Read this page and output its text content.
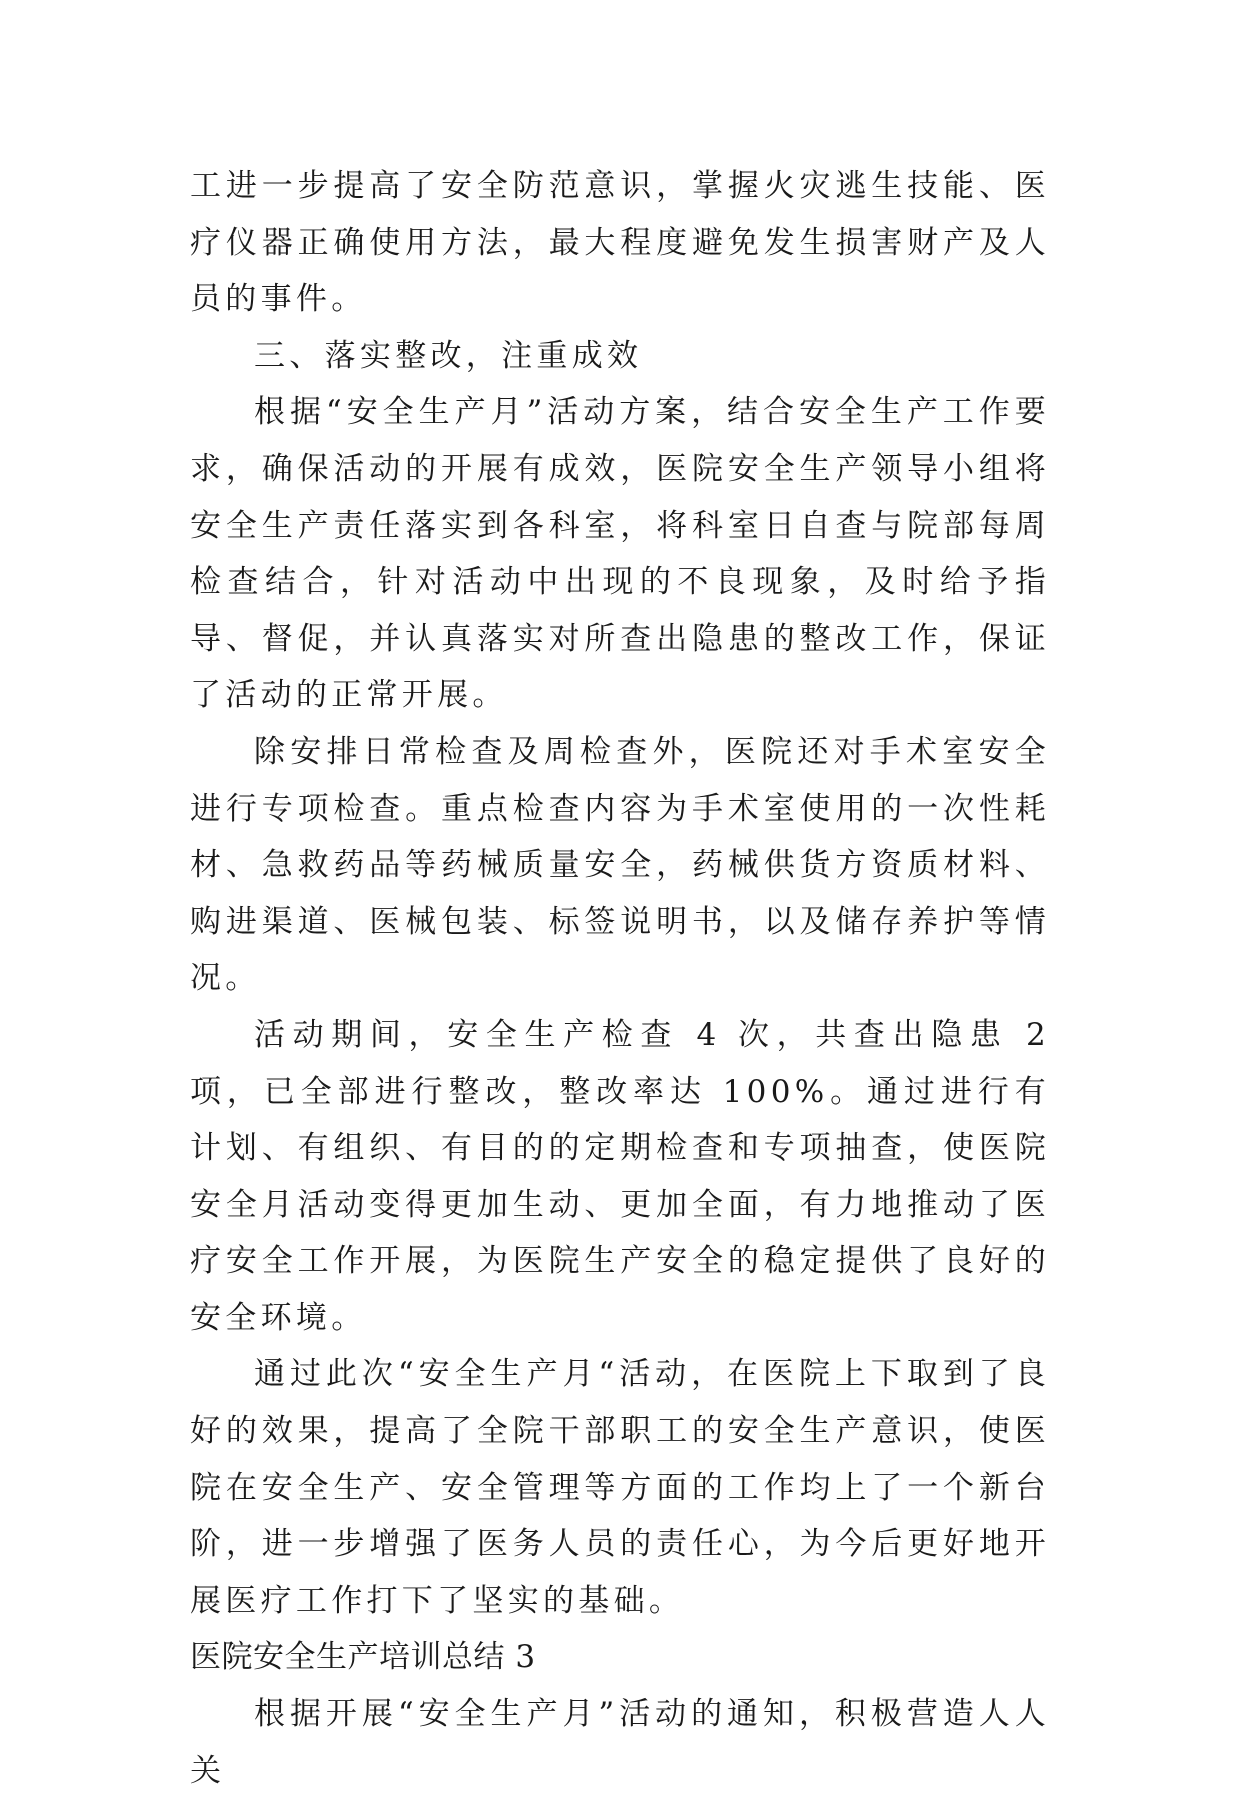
工进一步提高了安全防范意识，掌握火灾逃生技能、医疗仪器正确使用方法，最大程度避免发生损害财产及人员的事件。

三、落实整改，注重成效

根据“安全生产月”活动方案，结合安全生产工作要求，确保活动的开展有成效，医院安全生产领导小组将安全生产责任落实到各科室，将科室日自查与院部每周检查结合，针对活动中出现的不良现象，及时给予指导、督促，并认真落实对所查出隐患的整改工作，保证了活动的正常开展。

除安排日常检查及周检查外，医院还对手术室安全进行专项检查。重点检查内容为手术室使用的一次性耗材、急救药品等药械质量安全，药械供货方资质材料、购进渠道、医械包装、标签说明书，以及储存养护等情况。

活动期间，安全生产检查 4 次，共查出隐患 2 项，已全部进行整改，整改率达 100%。通过进行有计划、有组织、有目的的定期检查和专项抽查，使医院安全月活动变得更加生动、更加全面，有力地推动了医疗安全工作开展，为医院生产安全的稳定提供了良好的安全环境。

通过此次“安全生产月“活动，在医院上下取到了良好的效果，提高了全院干部职工的安全生产意识，使医院在安全生产、安全管理等方面的工作均上了一个新台阶，进一步增强了医务人员的责任心，为今后更好地开展医疗工作打下了坚实的基础。

医院安全生产培训总结 3

根据开展“安全生产月”活动的通知，积极营造人人关
